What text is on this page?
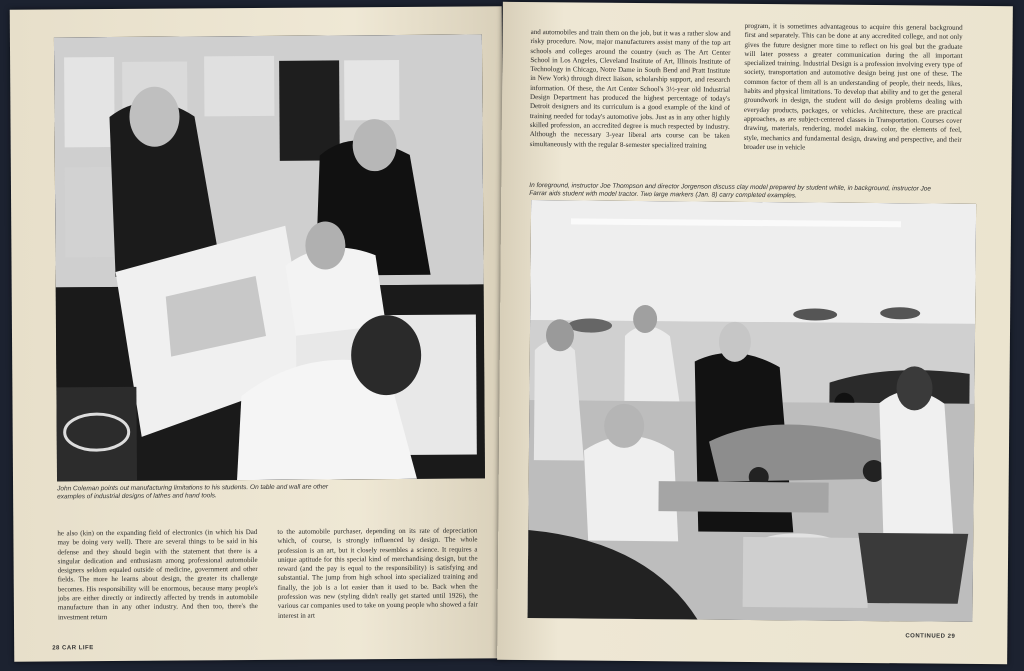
John Coleman points out manufacturing limitations to his students. On table and wall are other examples of industrial designs of lathes and hand tools.

he also (kin) on the expanding field of electronics (in which his Dad may be doing very well). There are several things to be said in his defense and they should begin with the statement that there is a singular dedication and enthusiasm among professional automobile designers seldom equaled outside of medicine, government and other fields. The more he learns about design, the greater its challenge becomes. His responsibility will be enormous, because many people's jobs are either directly or indirectly affected by trends in automobile manufacture than in any other industry. And then too, there's the investment return

to the automobile purchaser, depending on its rate of depreciation which, of course, is strongly influenced by design. The whole profession is an art, but it closely resembles a science. It requires a unique aptitude for this special kind of merchandising design, but the reward (and the pay is equal to the responsibility) is satisfying and substantial. The jump from high school into specialized training and finally, the job is a lot easier than it used to be. Back when the profession was new (styling didn't really get started until 1926), the various car companies used to take on young people who showed a fair interest in art

28 CAR LIFE

and automobiles and train them on the job, but it was a rather slow and risky procedure. Now, major manufacturers assist many of the top art schools and colleges around the country (such as The Art Center School in Los Angeles, Cleveland Institute of Art, Illinois Institute of Technology in Chicago, Notre Dame in South Bend and Pratt Institute in New York) through direct liaison, scholarship support, and research information. Of these, the Art Center School's 3½-year old Industrial Design Department has produced the highest percentage of today's Detroit designers and its curriculum is a good example of the kind of training needed for today's automotive jobs. Just as in any other highly skilled profession, an accredited degree is much respected by industry. Although the necessary 3-year liberal arts course can be taken simultaneously with the regular 8-semester specialized training

program, it is sometimes advantageous to acquire this general background first and separately. This can be done at any accredited college, and not only gives the future designer more time to reflect on his goal but the graduate will later possess a greater communication during the all important specialized training. Industrial Design is a profession involving every type of society, transportation and automotive design being just one of these. The common factor of them all is an understanding of people, their needs, likes, habits and physical limitations. To develop that ability and to get the general groundwork in design, the student will do design problems dealing with everyday products, packages, or vehicles. Architecture, these are practical approaches, as are subject-centered classes in Transportation. Courses cover drawing, materials, rendering, model making, color, the elements of feel, style, mechanics and fundamental design, drawing and perspective, and their broader use in vehicle

In foreground, instructor Joe Thompson and director Jorgenson discuss clay model prepared by student while, in background, instructor Joe Farrar aids student with model tractor. Two large markers (Jan. 8) carry completed examples.
CONTINUED 29
